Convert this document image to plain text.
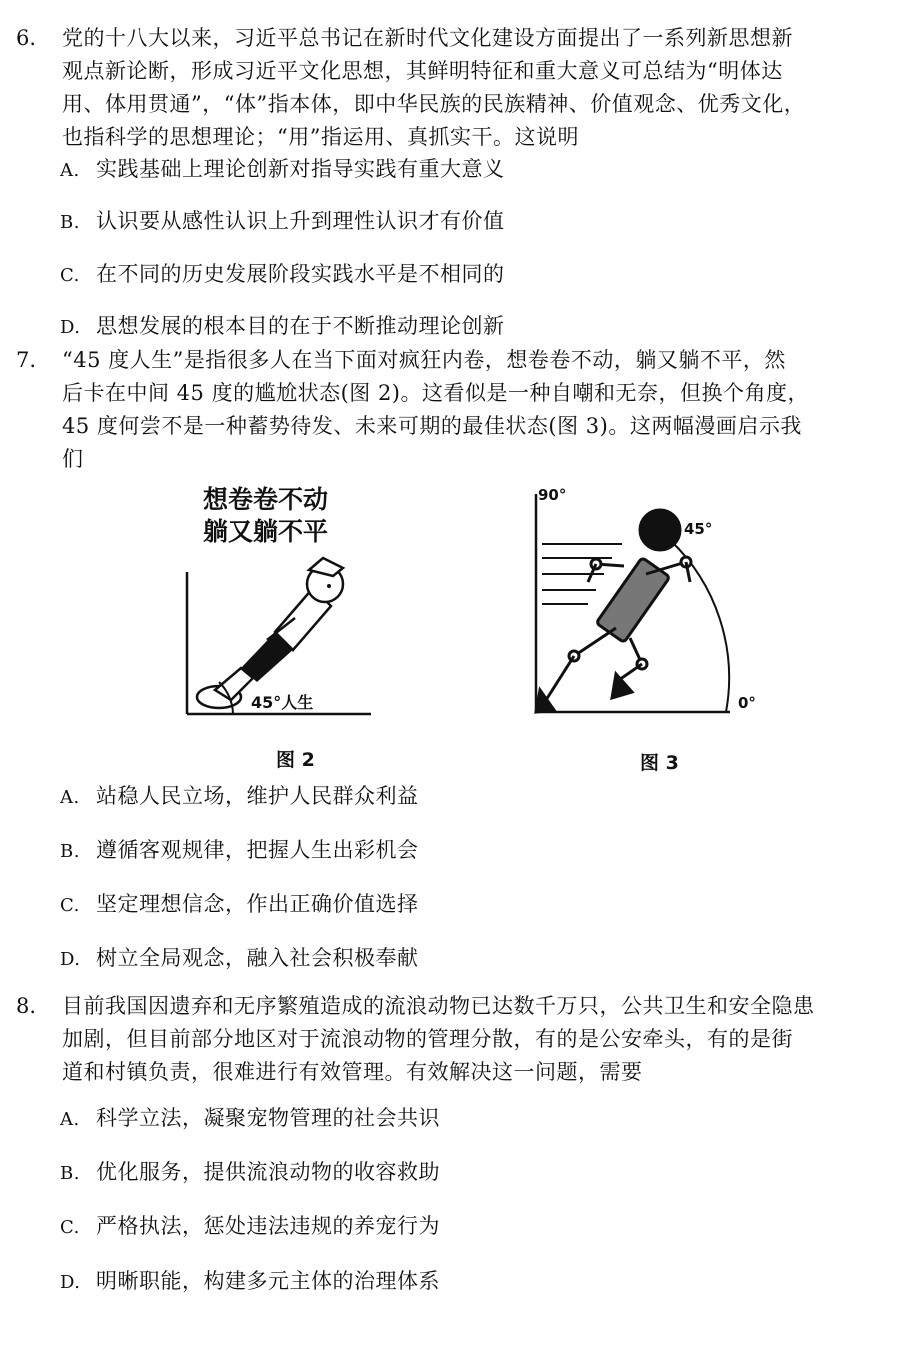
6. 党的十八大以来，习近平总书记在新时代文化建设方面提出了一系列新思想新
观点新论断，形成习近平文化思想，其鲜明特征和重大意义可总结为“明体达
用、体用贯通”，“体”指本体，即中华民族的民族精神、价值观念、优秀文化，
也指科学的思想理论；“用”指运用、真抓实干。这说明
A. 实践基础上理论创新对指导实践有重大意义
B. 认识要从感性认识上升到理性认识才有价值
C. 在不同的历史发展阶段实践水平是不相同的
D. 思想发展的根本目的在于不断推动理论创新
7. “45 度人生”是指很多人在当下面对疯狂内卷，想卷卷不动，躺又躺不平，然
后卡在中间 45 度的尴尬状态(图 2)。这看似是一种自嘲和无奈，但换个角度，
45 度何尝不是一种蓄势待发、未来可期的最佳状态(图 3)。这两幅漫画启示我
们
想卷卷不动
躺又躺不平
45°人生
图 2
90°
45°
0°
图 3
A. 站稳人民立场，维护人民群众利益
B. 遵循客观规律，把握人生出彩机会
C. 坚定理想信念，作出正确价值选择
D. 树立全局观念，融入社会积极奉献
8. 目前我国因遗弃和无序繁殖造成的流浪动物已达数千万只，公共卫生和安全隐患
加剧，但目前部分地区对于流浪动物的管理分散，有的是公安牵头，有的是街
道和村镇负责，很难进行有效管理。有效解决这一问题，需要
A. 科学立法，凝聚宠物管理的社会共识
B. 优化服务，提供流浪动物的收容救助
C. 严格执法，惩处违法违规的养宠行为
D. 明晰职能，构建多元主体的治理体系
